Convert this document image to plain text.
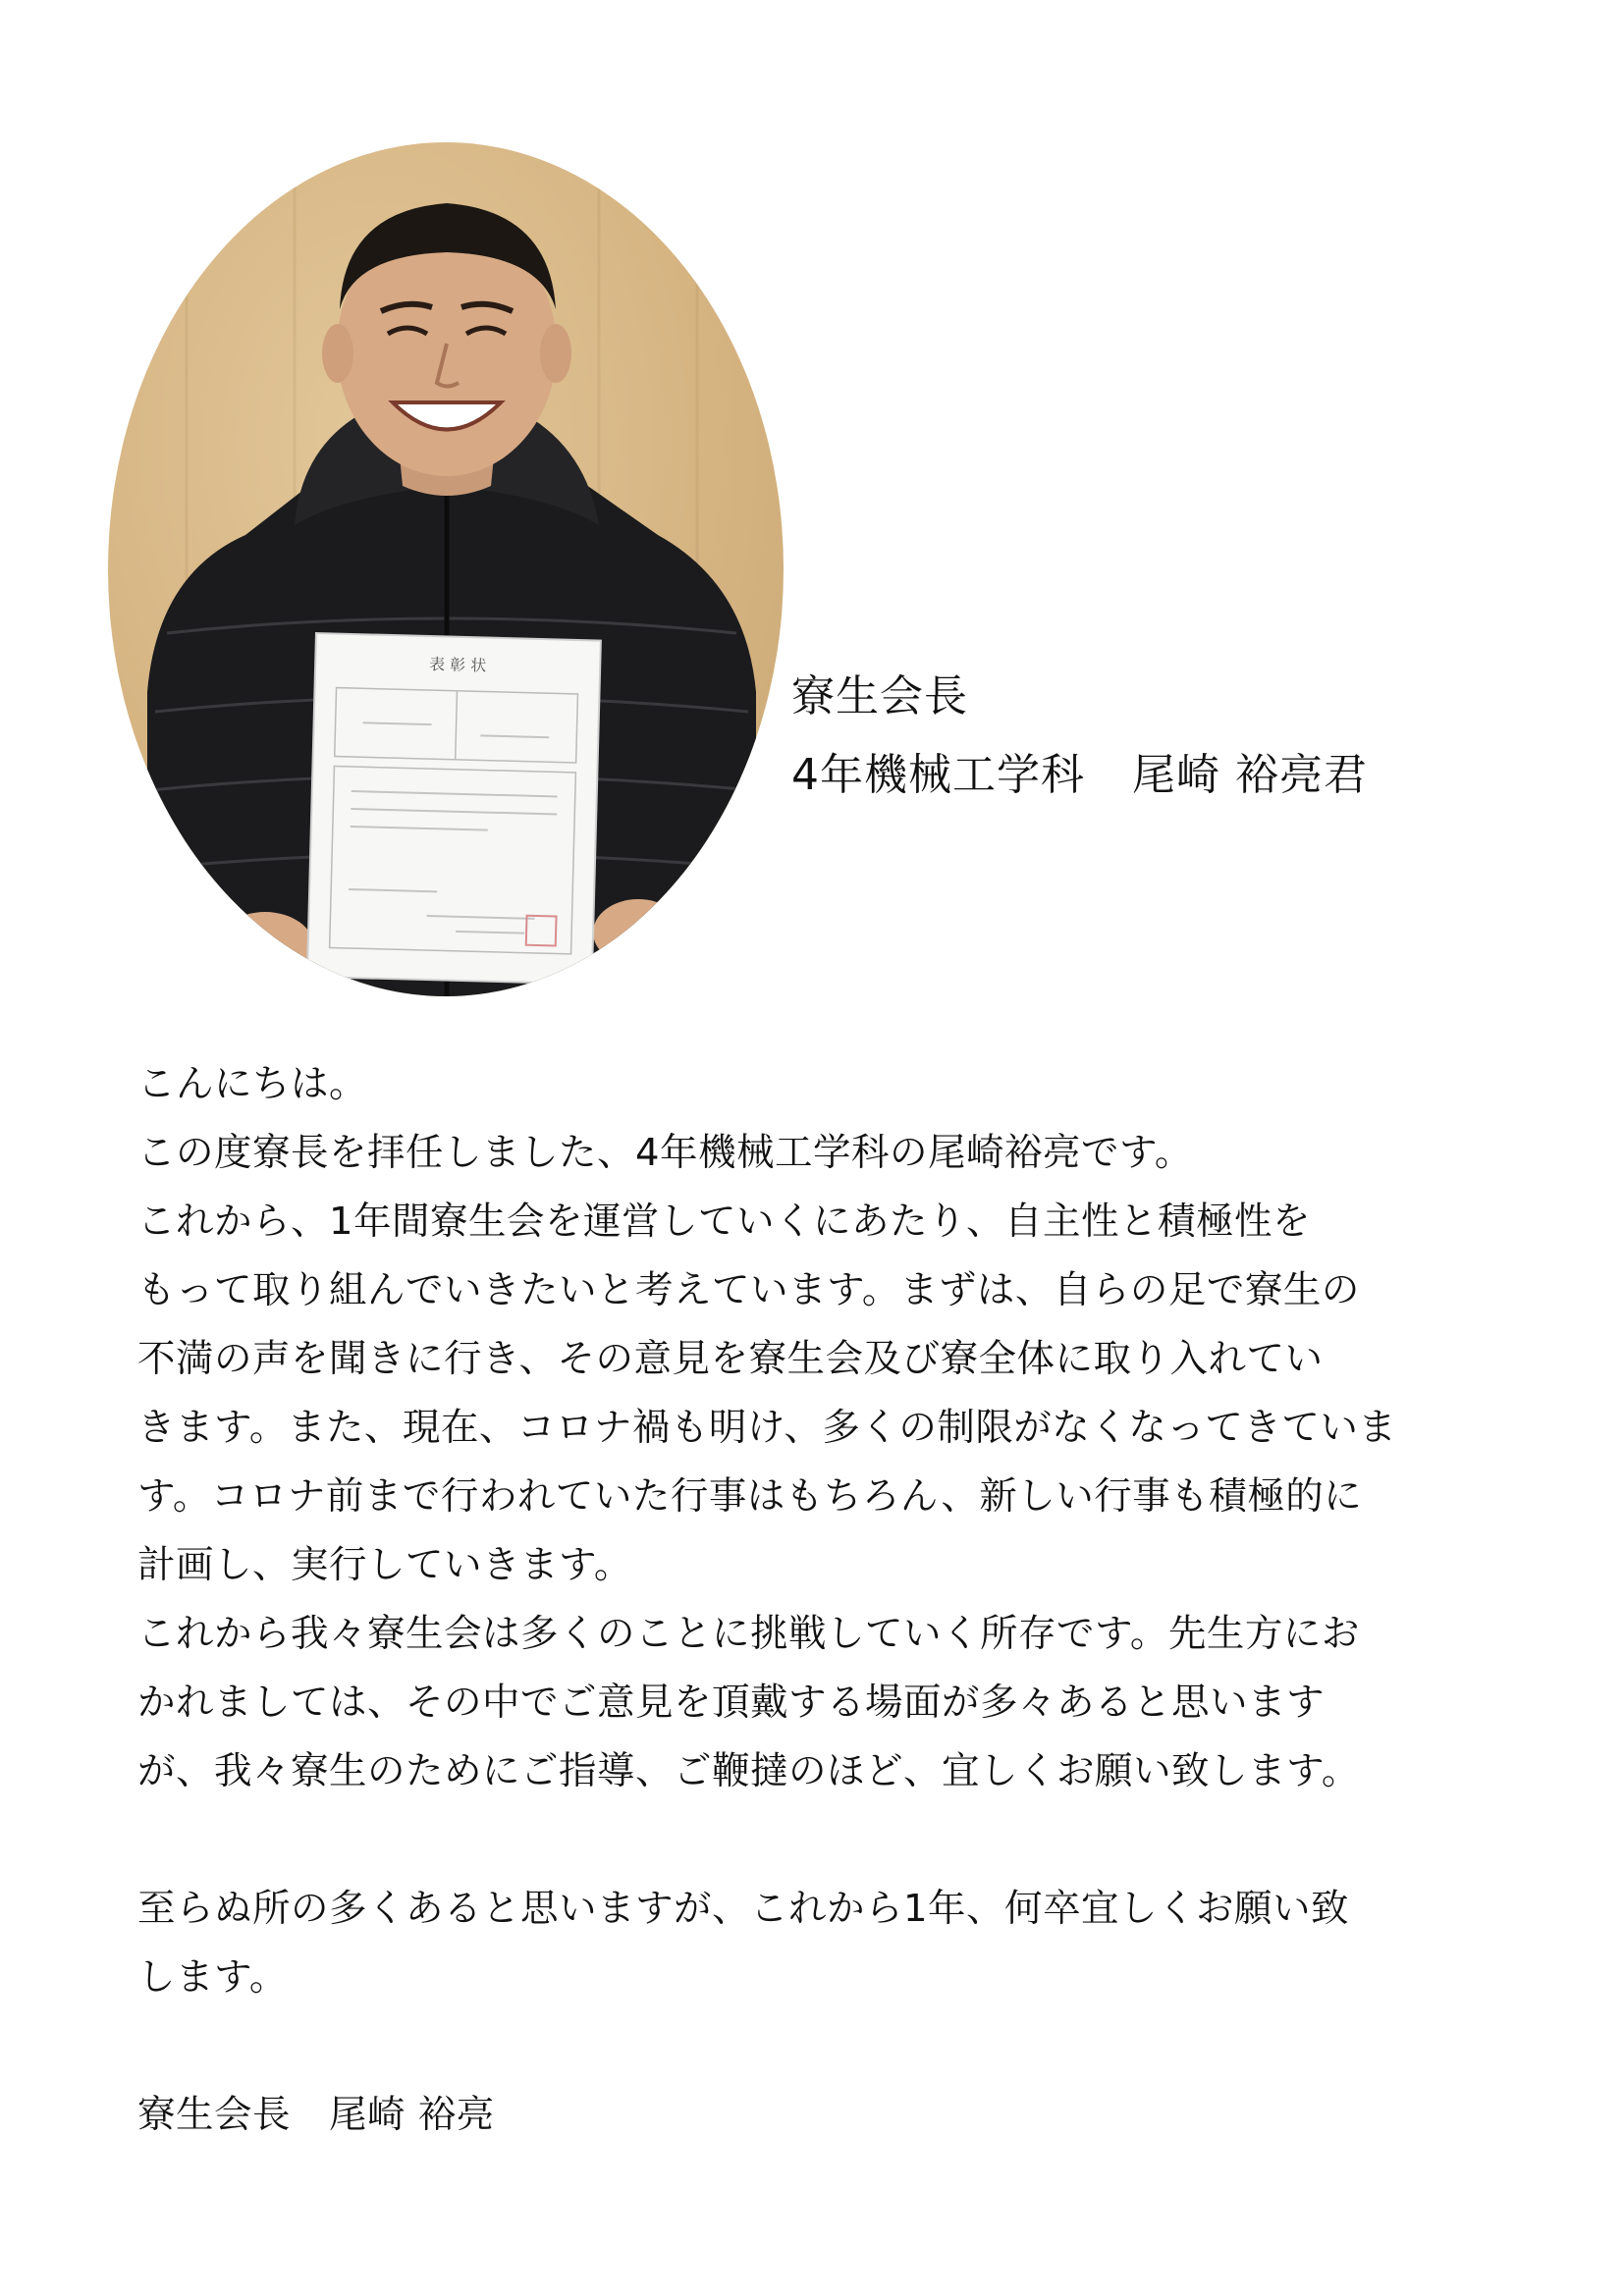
表 彰 状
寮生会長
4年機械工学科 尾崎 裕亮君
こんにちは。
この度寮長を拝任しました、4年機械工学科の尾崎裕亮です。
これから、1年間寮生会を運営していくにあたり、自主性と積極性を
もって取り組んでいきたいと考えています。まずは、自らの足で寮生の
不満の声を聞きに行き、その意見を寮生会及び寮全体に取り入れてい
きます。また、現在、コロナ禍も明け、多くの制限がなくなってきていま
す。コロナ前まで行われていた行事はもちろん、新しい行事も積極的に
計画し、実行していきます。
これから我々寮生会は多くのことに挑戦していく所存です。先生方にお
かれましては、その中でご意見を頂戴する場面が多々あると思います
が、我々寮生のためにご指導、ご鞭撻のほど、宜しくお願い致します。
至らぬ所の多くあると思いますが、これから1年、何卒宜しくお願い致
します。
寮生会長　尾崎 裕亮
